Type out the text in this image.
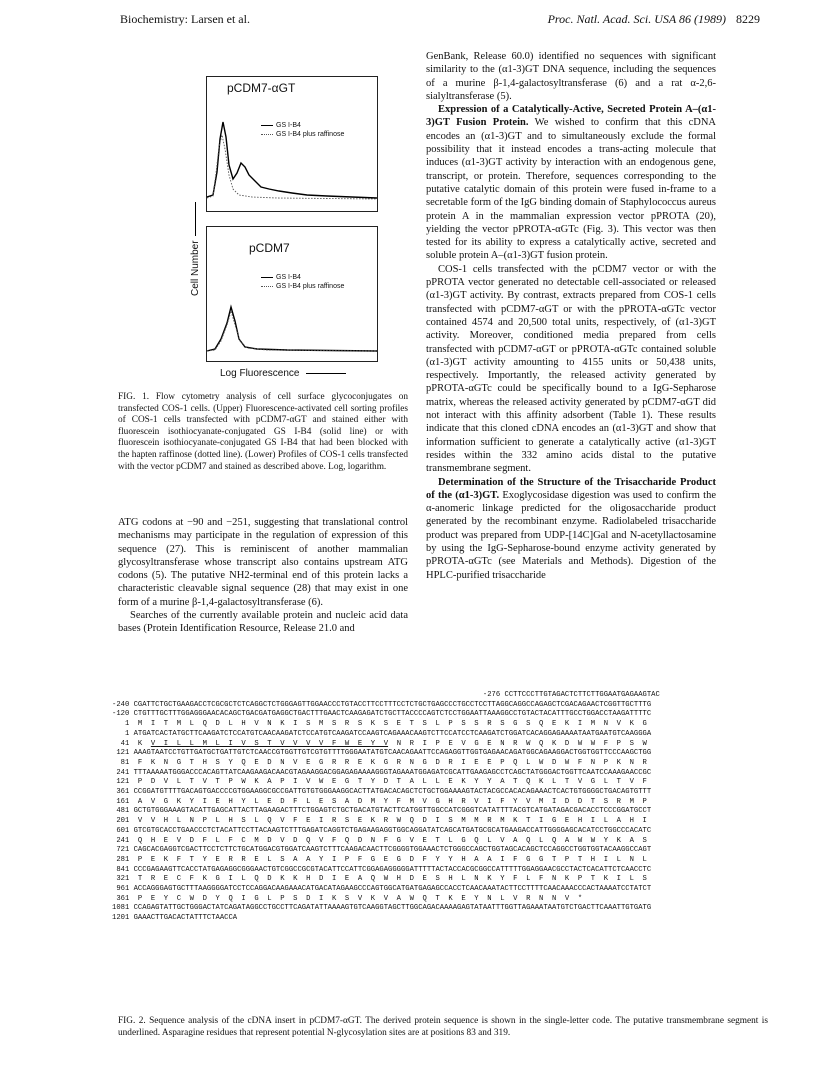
Biochemistry: Larsen et al.	Proc. Natl. Acad. Sci. USA 86 (1989) 8229
pCDM7-αGT
GS I-B4
GS I-B4 plus raffinose
pCDM7
GS I-B4
GS I-B4 plus raffinose
Cell Number
Log Fluorescence
FIG. 1. Flow cytometry analysis of cell surface glycoconjugates on transfected COS-1 cells. (Upper) Fluorescence-activated cell sorting profiles of COS-1 cells transfected with pCDM7-αGT and stained either with fluorescein isothiocyanate-conjugated GS I-B4 (solid line) or with fluorescein isothiocyanate-conjugated GS I-B4 that had been blocked with the hapten raffinose (dotted line). (Lower) Profiles of COS-1 cells transfected with the vector pCDM7 and stained as described above. Log, logarithm.

ATG codons at −90 and −251, suggesting that translational control mechanisms may participate in the regulation of expression of this sequence (27). This is reminiscent of another mammalian glycosyltransferase whose transcript also contains upstream ATG codons (5). The putative NH2-terminal end of this protein lacks a characteristic cleavable signal sequence (28) that may exist in one form of a murine β-1,4-galactosyltransferase (6).

Searches of the currently available protein and nucleic acid data bases (Protein Identification Resource, Release 21.0 and

GenBank, Release 60.0) identified no sequences with significant similarity to the (α1-3)GT DNA sequence, including the sequences of a murine β-1,4-galactosyltransferase (6) and a rat α-2,6-sialyltransferase (5).

Expression of a Catalytically-Active, Secreted Protein A–(α1-3)GT Fusion Protein. We wished to confirm that this cDNA encodes an (α1-3)GT and to simultaneously exclude the formal possibility that it instead encodes a trans-acting molecule that induces (α1-3)GT activity by interaction with an endogenous gene, transcript, or protein. Therefore, sequences corresponding to the putative catalytic domain of this protein were fused in-frame to a secretable form of the IgG binding domain of Staphylococcus aureus protein A in the mammalian expression vector pPROTA (20), yielding the vector pPROTA-αGTc (Fig. 3). This vector was then tested for its ability to express a catalytically active, secreted and soluble protein A–(α1-3)GT fusion protein.

COS-1 cells transfected with the pCDM7 vector or with the pPROTA vector generated no detectable cell-associated or released (α1-3)GT activity. By contrast, extracts prepared from COS-1 cells transfected with pCDM7-αGT or with the pPROTA-αGTc vector contained 4574 and 20,500 total units, respectively, of (α1-3)GT activity. Moreover, conditioned media prepared from cells transfected with pCDM7-αGT or pPROTA-αGTc contained soluble (α1-3)GT activity amounting to 4155 units or 50,438 units, respectively. Importantly, the released activity generated by pPROTA-αGTc could be specifically bound to a IgG-Sepharose matrix, whereas the released activity generated by pCDM7-αGT did not interact with this affinity adsorbent (Table 1). These results indicate that this cloned cDNA encodes an (α1-3)GT and show that information sufficient to generate a catalytically active (α1-3)GT resides within the 332 amino acids distal to the putative transmembrane segment.

Determination of the Structure of the Trisaccharide Product of the (α1-3)GT. Exoglycosidase digestion was used to confirm the α-anomeric linkage predicted for the oligosaccharide product generated by the recombinant enzyme. Radiolabeled trisaccharide product was prepared from UDP-[14C]Gal and N-acetyllactosamine by using the IgG-Sepharose-bound enzyme activity generated by pPROTA-αGTc (see Materials and Methods). Digestion of the HPLC-purified trisaccharide

-276 CCTTCCCTTGTAGACTCTTCTTGGAATGAGAAGTAC
-240 CGATTCTGCTGAAGACCTCGCGCTCTCAGGCTCTGGGAGTTGGAACCCTGTACCTTCCTTTCCTCTGCTGAGCCCTGCCTCCTTAGGCAGGCCAGAGCTCGACAGAACTCGGTTGCTTTG
-120 CTGTTTGCTTTGGAGGGAACACAGCTGACGATGAGGCTGACTTTGAACTCAAGAGATCTGCTTACCCCAGTCTCCTGGAATTAAAGGCCTGTACTACATTTGCCTGGACCTAAGATTTTC
1  M  I  T  M  L  Q  D  L  H  V  N  K  I  S  M  S  R  S  K  S  E  T  S  L  P  S  S  R  S  G  S  Q  E  K  I  M  N  V  K  G
1 ATGATCACTATGCTTCAAGATCTCCATGTCAACAAGATCTCCATGTCAAGATCCAAGTCAGAAACAAGTCTTCCATCCTCAAGATCTGGATCACAGGAGAAAATAATGAATGTCAAGGGA
41  K  V  I  L  L  M  L  I  V  S  T  V  V  V  V  F  W  E  Y  V  N  R  I  P  E  V  G  E  N  R  W  Q  K  D  W  W  F  P  S  W
121 AAAGTAATCCTGTTGATGCTGATTGTCTCAACCGTGGTTGTCGTGTTTTGGGAATATGTCAACAGAATTCCAGAGGTTGGTGAGAACAGATGGCAGAAGGACTGGTGGTTCCCAAGCTGG
81  F  K  N  G  T  H  S  Y  Q  E  D  N  V  E  G  R  R  E  K  G  R  N  G  D  R  I  E  E  P  Q  L  W  D  W  F  N  P  K  N  R
241 TTTAAAAATGGGACCCACAGTTATCAAGAAGACAACGTAGAAGGACGGAGAGAAAAGGGTAGAAATGGAGATCGCATTGAAGAGCCTCAGCTATGGGACTGGTTCAATCCAAAGAACCGC
121  P  D  V  L  T  V  T  P  W  K  A  P  I  V  W  E  G  T  Y  D  T  A  L  L  E  K  Y  Y  A  T  Q  K  L  T  V  G  L  T  V  F
361 CCGGATGTTTTGACAGTGACCCCGTGGAAGGCGCCGATTGTGTGGGAAGGCACTTATGACACAGCTCTGCTGGAAAAGTACTACGCCACACAGAAACTCACTGTGGGGCTGACAGTGTTT
161  A  V  G  K  Y  I  E  H  Y  L  E  D  F  L  E  S  A  D  M  Y  F  M  V  G  H  R  V  I  F  Y  V  M  I  D  D  T  S  R  M  P
481 GCTGTGGGAAAGTACATTGAGCATTACTTAGAAGACTTTCTGGAGTCTGCTGACATGTACTTCATGGTTGGCCATCGGGTCATATTTTACGTCATGATAGACGACACCTCCCGGATGCCT
201  V  V  H  L  N  P  L  H  S  L  Q  V  F  E  I  R  S  E  K  R  W  Q  D  I  S  M  M  R  M  K  T  I  G  E  H  I  L  A  H  I
601 GTCGTGCACCTGAACCCTCTACATTCCTTACAAGTCTTTGAGATCAGGTCTGAGAAGAGGTGGCAGGATATCAGCATGATGCGCATGAAGACCATTGGGGAGCACATCCTGGCCCACATC
241  Q  H  E  V  D  F  L  F  C  M  D  V  D  Q  V  F  Q  D  N  F  G  V  E  T  L  G  Q  L  V  A  Q  L  Q  A  W  W  Y  K  A  S
721 CAGCACGAGGTCGACTTCCTCTTCTGCATGGACGTGGATCAAGTCTTTCAAGACAACTTCGGGGTGGAAACTCTGGGCCAGCTGGTAGCACAGCTCCAGGCCTGGTGGTACAAGGCCAGT
281  P  E  K  F  T  Y  E  R  R  E  L  S  A  A  Y  I  P  F  G  E  G  D  F  Y  Y  H  A  A  I  F  G  G  T  P  T  H  I  L  N  L
841 CCCGAGAAGTTCACCTATGAGAGGCGGGAACTGTCGGCCGCGTACATTCCATTCGGAGAGGGGGATTTTTACTACCACGCGGCCATTTTTGGAGGAACGCCTACTCACATTCTCAACCTC
321  T  R  E  C  F  K  G  I  L  Q  D  K  K  H  D  I  E  A  Q  W  H  D  E  S  H  L  N  K  Y  F  L  F  N  K  P  T  K  I  L  S
961 ACCAGGGAGTGCTTTAAGGGGATCCTCCAGGACAAGAAACATGACATAGAAGCCCAGTGGCATGATGAGAGCCACCTCAACAAATACTTCCTTTTCAACAAACCCACTAAAATCCTATCT
361  P  E  Y  C  W  D  Y  Q  I  G  L  P  S  D  I  K  S  V  K  V  A  W  Q  T  K  E  Y  N  L  V  R  N  N  V  *
1081 CCAGAGTATTGCTGGGACTATCAGATAGGCCTGCCTTCAGATATTAAAAGTGTCAAGGTAGCTTGGCAGACAAAAGAGTATAATTTGGTTAGAAATAATGTCTGACTTCAAATTGTGATG
1201 GAAACTTGACACTATTTCTAACCA
FIG. 2. Sequence analysis of the cDNA insert in pCDM7-αGT. The derived protein sequence is shown in the single-letter code. The putative transmembrane segment is underlined. Asparagine residues that represent potential N-glycosylation sites are at positions 83 and 319.
